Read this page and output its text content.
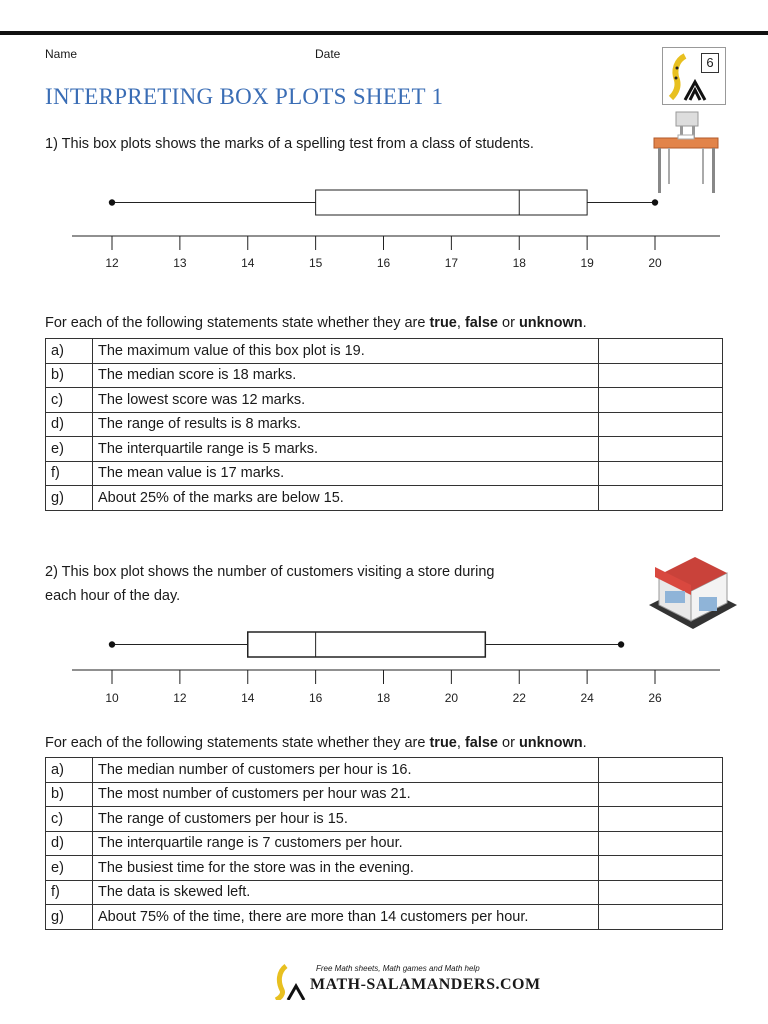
Name	Date
6
INTERPRETING BOX PLOTS SHEET 1
1) This box plots shows the marks of a spelling test from a class of students.
12	13	14	15	16	17	18	19	20
For each of the following statements state whether they are true, false or unknown.
a)	The maximum value of this box plot is 19.	
b)	The median score is 18 marks.	
c)	The lowest score was 12 marks.	
d)	The range of results is 8 marks.	
e)	The interquartile range is 5 marks.	
f)	The mean value is 17 marks.	
g)	About 25% of the marks are below 15.	
2) This box plot shows the number of customers visiting a store during
each hour of the day.
10	12	14	16	18	20	22	24	26
For each of the following statements state whether they are true, false or unknown.
a)	The median number of customers per hour is 16.	
b)	The most number of customers per hour was 21.	
c)	The range of customers per hour is 15.	
d)	The interquartile range is 7 customers per hour.	
e)	The busiest time for the store was in the evening.	
f)	The data is skewed left.	
g)	About 75% of the time, there are more than 14 customers per hour.	
Free Math sheets, Math games and Math help
MATH-SALAMANDERS.COM
